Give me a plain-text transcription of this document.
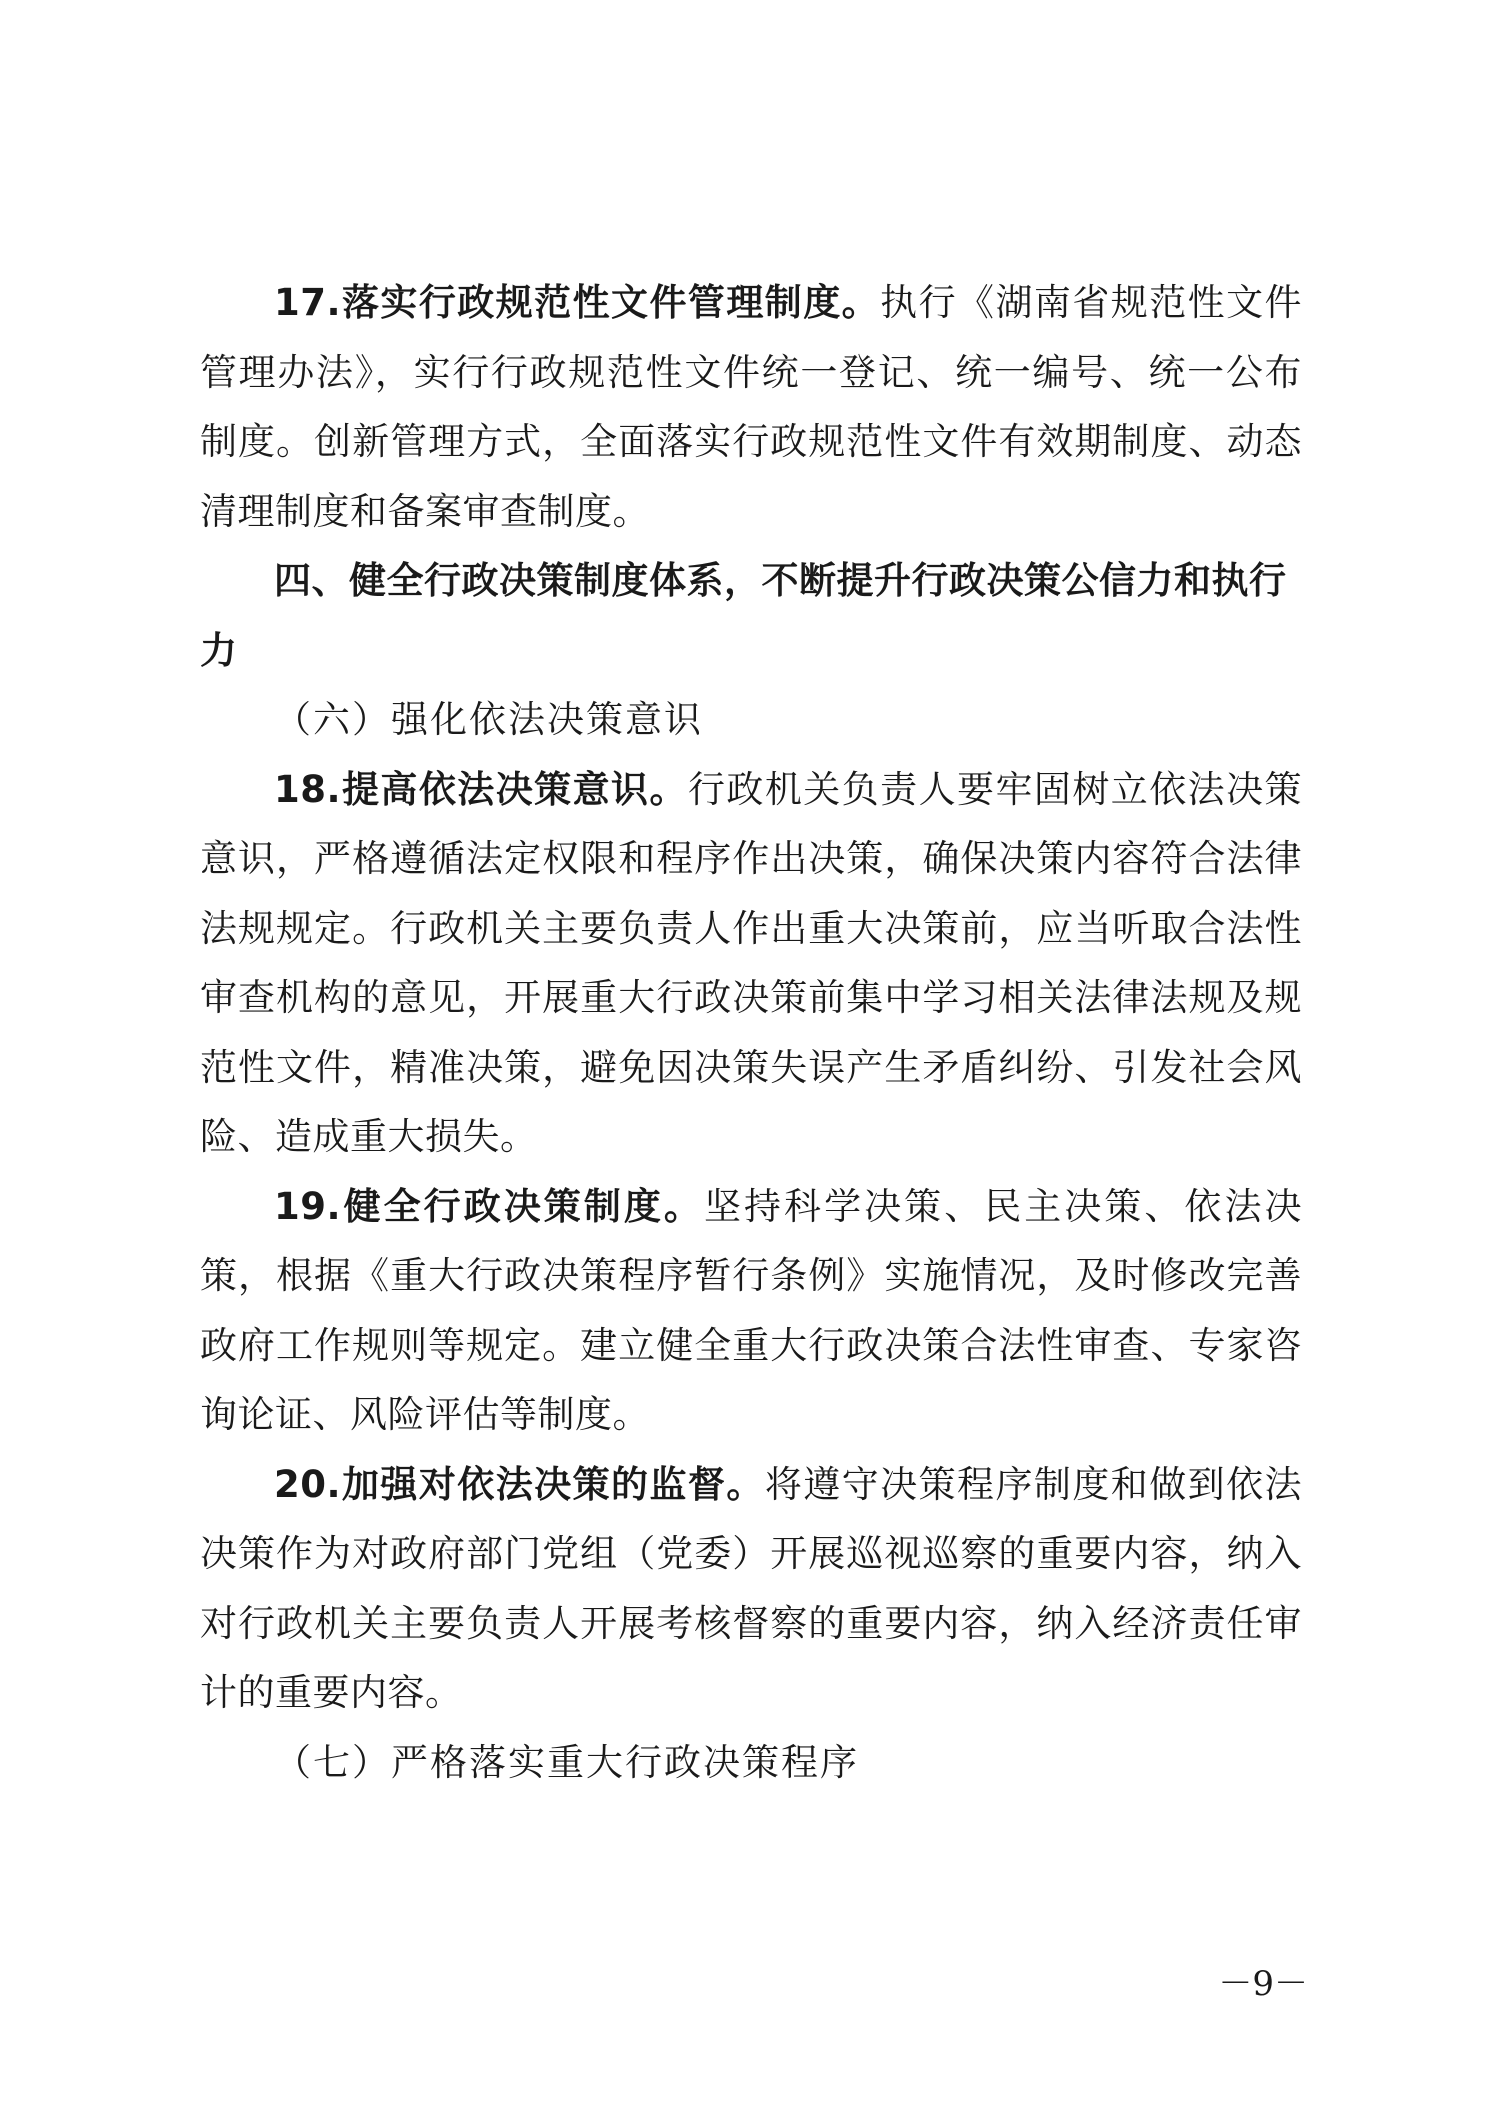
17.落实行政规范性文件管理制度。执行《湖南省规范性文件管理办法》，实行行政规范性文件统一登记、统一编号、统一公布制度。创新管理方式，全面落实行政规范性文件有效期制度、动态清理制度和备案审查制度。

四、健全行政决策制度体系，不断提升行政决策公信力和执行力

（六）强化依法决策意识

18.提高依法决策意识。行政机关负责人要牢固树立依法决策意识，严格遵循法定权限和程序作出决策，确保决策内容符合法律法规规定。行政机关主要负责人作出重大决策前，应当听取合法性审查机构的意见，开展重大行政决策前集中学习相关法律法规及规范性文件，精准决策，避免因决策失误产生矛盾纠纷、引发社会风险、造成重大损失。

19.健全行政决策制度。坚持科学决策、民主决策、依法决策，根据《重大行政决策程序暂行条例》实施情况，及时修改完善政府工作规则等规定。建立健全重大行政决策合法性审查、专家咨询论证、风险评估等制度。

20.加强对依法决策的监督。将遵守决策程序制度和做到依法决策作为对政府部门党组（党委）开展巡视巡察的重要内容，纳入对行政机关主要负责人开展考核督察的重要内容，纳入经济责任审计的重要内容。

（七）严格落实重大行政决策程序

－9－
